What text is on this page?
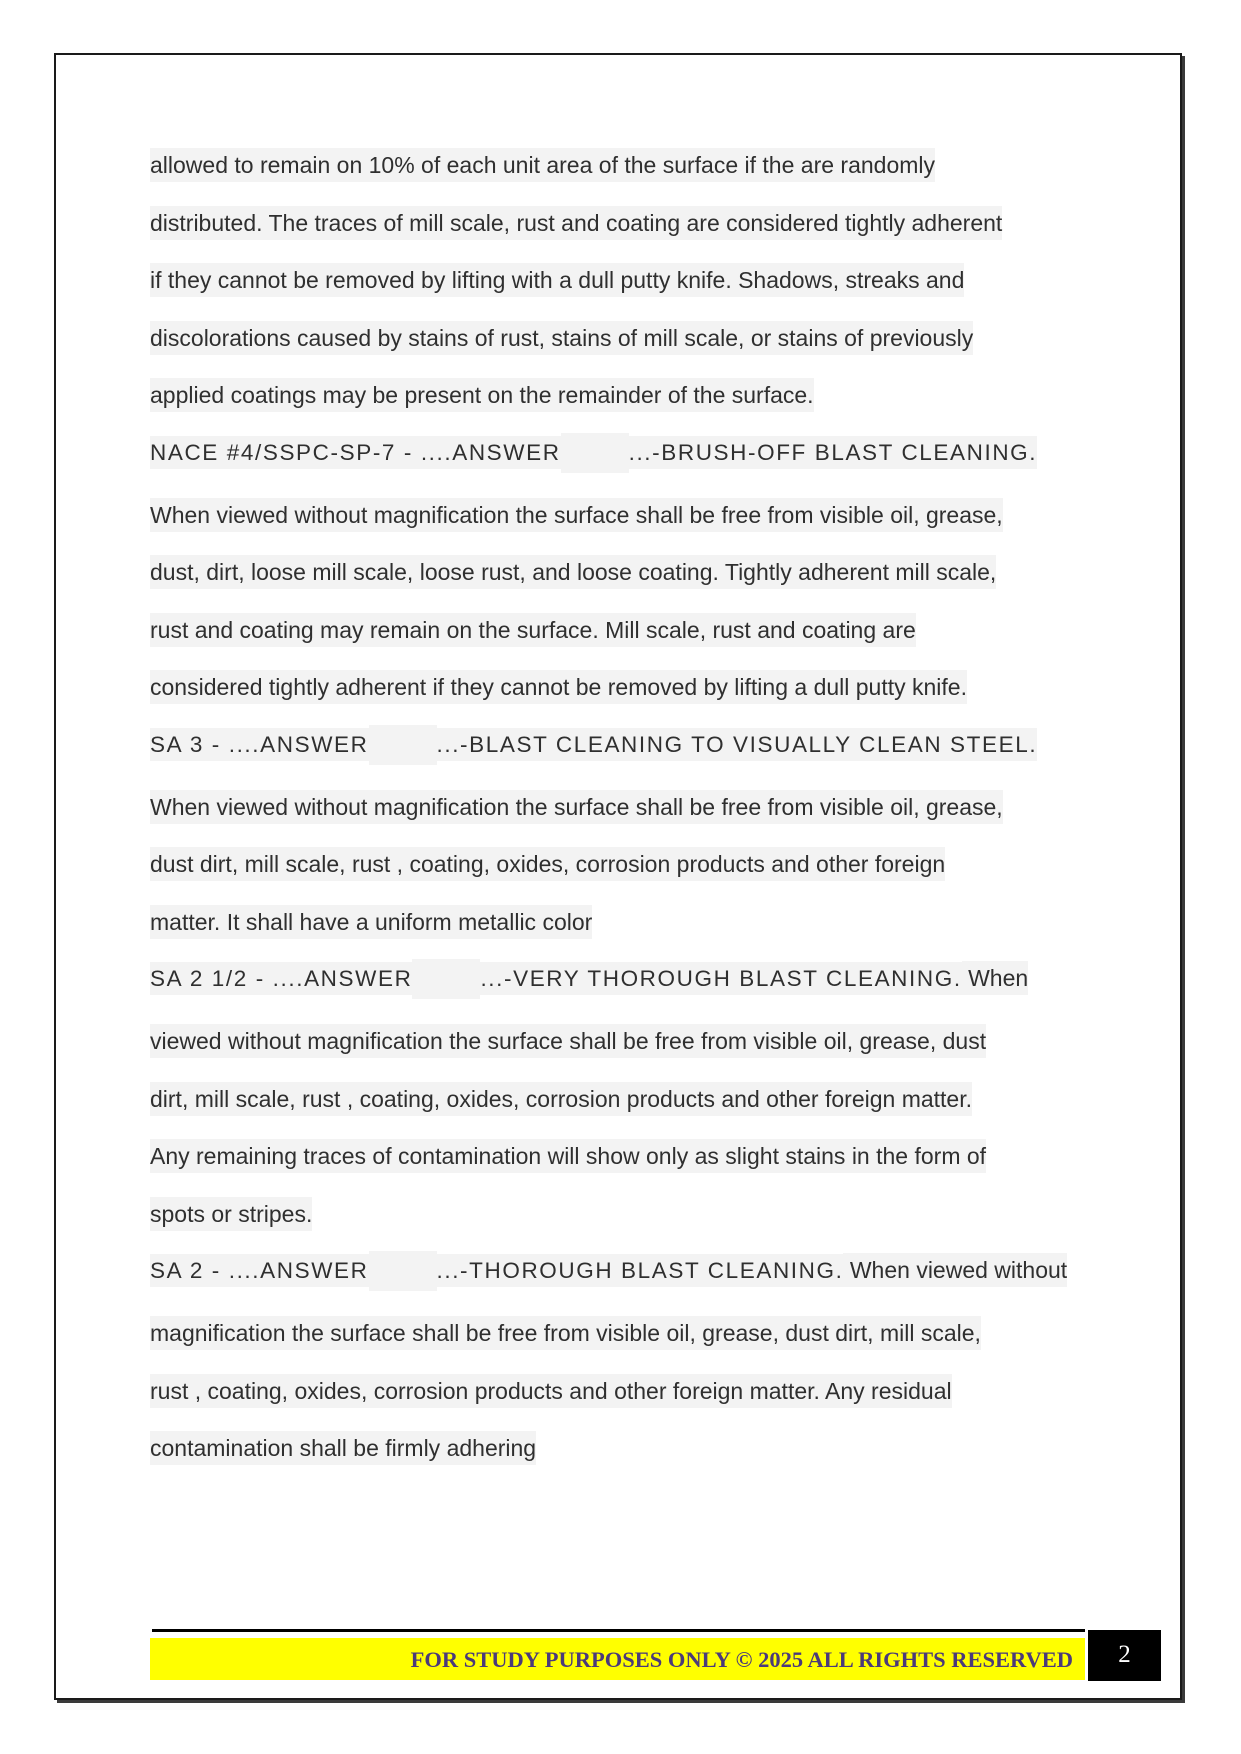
allowed to remain on 10% of each unit area of the surface if the are randomly
distributed. The traces of mill scale, rust and coating are considered tightly adherent
if they cannot be removed by lifting with a dull putty knife. Shadows, streaks and
discolorations caused by stains of rust, stains of mill scale, or stains of previously
applied coatings may be present on the remainder of the surface.
NACE #4/SSPC-SP-7 - ....ANSWER	...-BRUSH-OFF BLAST CLEANING.
When viewed without magnification the surface shall be free from visible oil, grease,
dust, dirt, loose mill scale, loose rust, and loose coating. Tightly adherent mill scale,
rust and coating may remain on the surface. Mill scale, rust and coating are
considered tightly adherent if they cannot be removed by lifting a dull putty knife.
SA 3 - ....ANSWER	...-BLAST CLEANING TO VISUALLY CLEAN STEEL.
When viewed without magnification the surface shall be free from visible oil, grease,
dust dirt, mill scale, rust , coating, oxides, corrosion products and other foreign
matter. It shall have a uniform metallic color
SA 2 1/2 - ....ANSWER	...-VERY THOROUGH BLAST CLEANING. When
viewed without magnification the surface shall be free from visible oil, grease, dust
dirt, mill scale, rust , coating, oxides, corrosion products and other foreign matter.
Any remaining traces of contamination will show only as slight stains in the form of
spots or stripes.
SA 2 - ....ANSWER	...-THOROUGH BLAST CLEANING. When viewed without
magnification the surface shall be free from visible oil, grease, dust dirt, mill scale,
rust , coating, oxides, corrosion products and other foreign matter. Any residual
contamination shall be firmly adhering
FOR STUDY PURPOSES ONLY © 2025 ALL RIGHTS RESERVED	2
